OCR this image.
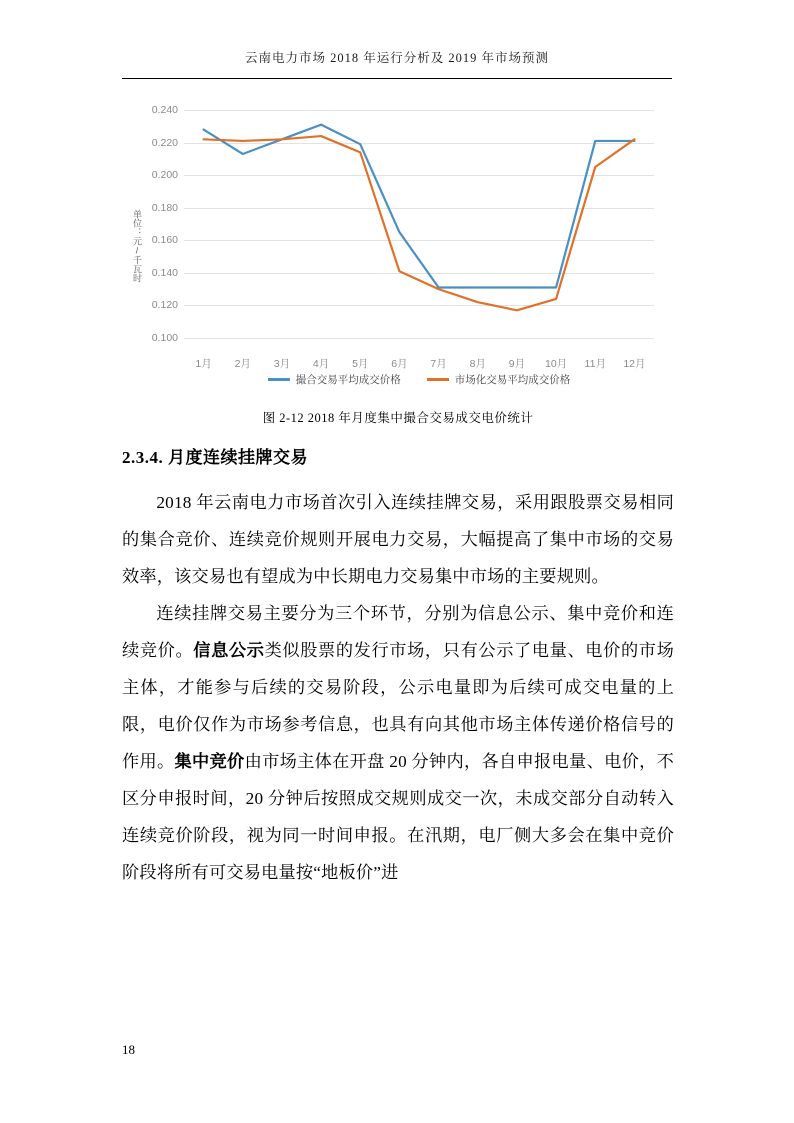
云南电力市场 2018 年运行分析及 2019 年市场预测
单位：元/千瓦时
0.240
0.220
0.200
0.180
0.160
0.140
0.120
0.100
1月 2月 3月 4月 5月 6月 7月 8月 9月 10月 11月 12月
撮合交易平均成交价格	市场化交易平均成交价格
图 2-12 2018 年月度集中撮合交易成交电价统计
2.3.4. 月度连续挂牌交易

2018 年云南电力市场首次引入连续挂牌交易，采用跟股票交易相同的集合竞价、连续竞价规则开展电力交易，大幅提高了集中市场的交易效率，该交易也有望成为中长期电力交易集中市场的主要规则。

连续挂牌交易主要分为三个环节，分别为信息公示、集中竞价和连续竞价。信息公示类似股票的发行市场，只有公示了电量、电价的市场主体，才能参与后续的交易阶段，公示电量即为后续可成交电量的上限，电价仅作为市场参考信息，也具有向其他市场主体传递价格信号的作用。集中竞价由市场主体在开盘 20 分钟内，各自申报电量、电价，不区分申报时间，20 分钟后按照成交规则成交一次，未成交部分自动转入连续竞价阶段，视为同一时间申报。在汛期，电厂侧大多会在集中竞价阶段将所有可交易电量按“地板价”进

18
